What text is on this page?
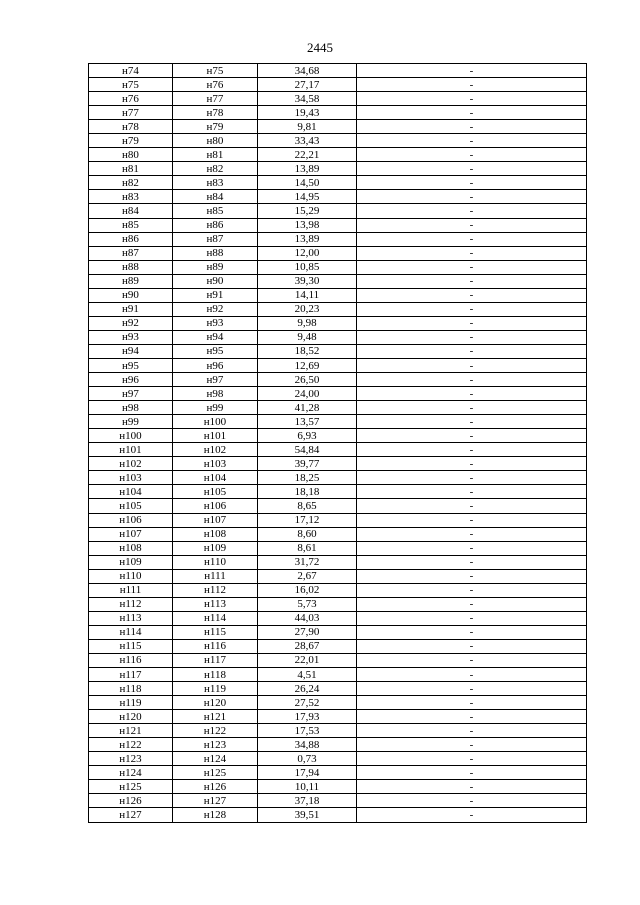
2445
н74	н75	34,68	-
н75	н76	27,17	-
н76	н77	34,58	-
н77	н78	19,43	-
н78	н79	9,81	-
н79	н80	33,43	-
н80	н81	22,21	-
н81	н82	13,89	-
н82	н83	14,50	-
н83	н84	14,95	-
н84	н85	15,29	-
н85	н86	13,98	-
н86	н87	13,89	-
н87	н88	12,00	-
н88	н89	10,85	-
н89	н90	39,30	-
н90	н91	14,11	-
н91	н92	20,23	-
н92	н93	9,98	-
н93	н94	9,48	-
н94	н95	18,52	-
н95	н96	12,69	-
н96	н97	26,50	-
н97	н98	24,00	-
н98	н99	41,28	-
н99	н100	13,57	-
н100	н101	6,93	-
н101	н102	54,84	-
н102	н103	39,77	-
н103	н104	18,25	-
н104	н105	18,18	-
н105	н106	8,65	-
н106	н107	17,12	-
н107	н108	8,60	-
н108	н109	8,61	-
н109	н110	31,72	-
н110	н111	2,67	-
н111	н112	16,02	-
н112	н113	5,73	-
н113	н114	44,03	-
н114	н115	27,90	-
н115	н116	28,67	-
н116	н117	22,01	-
н117	н118	4,51	-
н118	н119	26,24	-
н119	н120	27,52	-
н120	н121	17,93	-
н121	н122	17,53	-
н122	н123	34,88	-
н123	н124	0,73	-
н124	н125	17,94	-
н125	н126	10,11	-
н126	н127	37,18	-
н127	н128	39,51	-
